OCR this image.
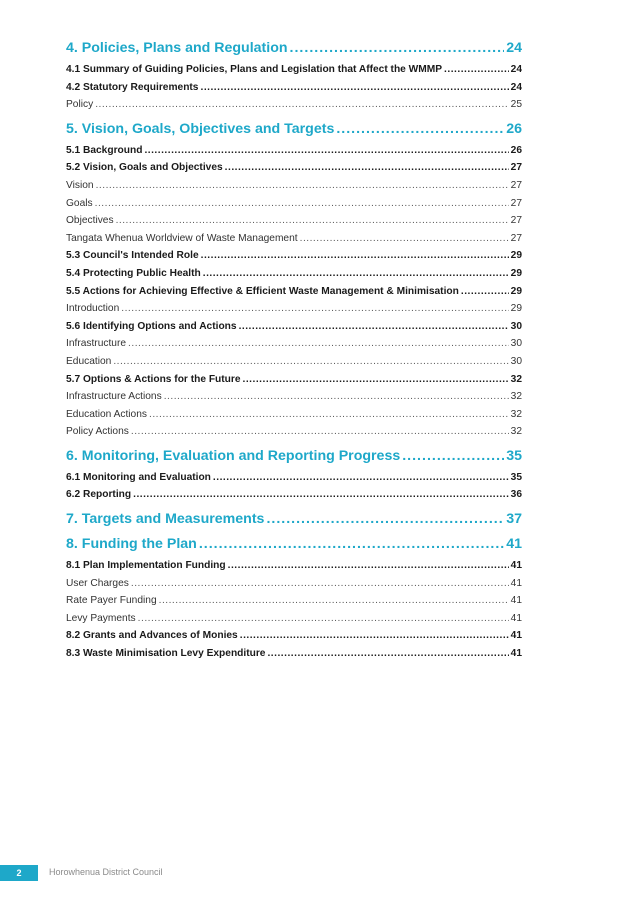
4. Policies, Plans and Regulation .....	24
4.1 Summary of Guiding Policies, Plans and Legislation that Affect the WMMP .....	24
4.2 Statutory Requirements .....	24
Policy .....	25
5. Vision, Goals, Objectives and Targets .....	26
5.1 Background .....	26
5.2 Vision, Goals and Objectives .....	27
Vision .....	27
Goals .....	27
Objectives .....	27
Tangata Whenua Worldview of Waste Management .....	27
5.3 Council's Intended Role .....	29
5.4 Protecting Public Health .....	29
5.5 Actions for Achieving Effective & Efficient Waste Management & Minimisation .....	29
Introduction .....	29
5.6 Identifying Options and Actions .....	30
Infrastructure .....	30
Education .....	30
5.7 Options & Actions for the Future .....	32
Infrastructure Actions .....	32
Education Actions .....	32
Policy Actions .....	32
6. Monitoring, Evaluation and Reporting Progress .....	35
6.1 Monitoring and Evaluation .....	35
6.2 Reporting .....	36
7. Targets and Measurements .....	37
8. Funding the Plan .....	41
8.1 Plan Implementation Funding .....	41
User Charges .....	41
Rate Payer Funding .....	41
Levy Payments .....	41
8.2 Grants and Advances of Monies .....	41
8.3 Waste Minimisation Levy Expenditure .....	41
2	Horowhenua District Council
